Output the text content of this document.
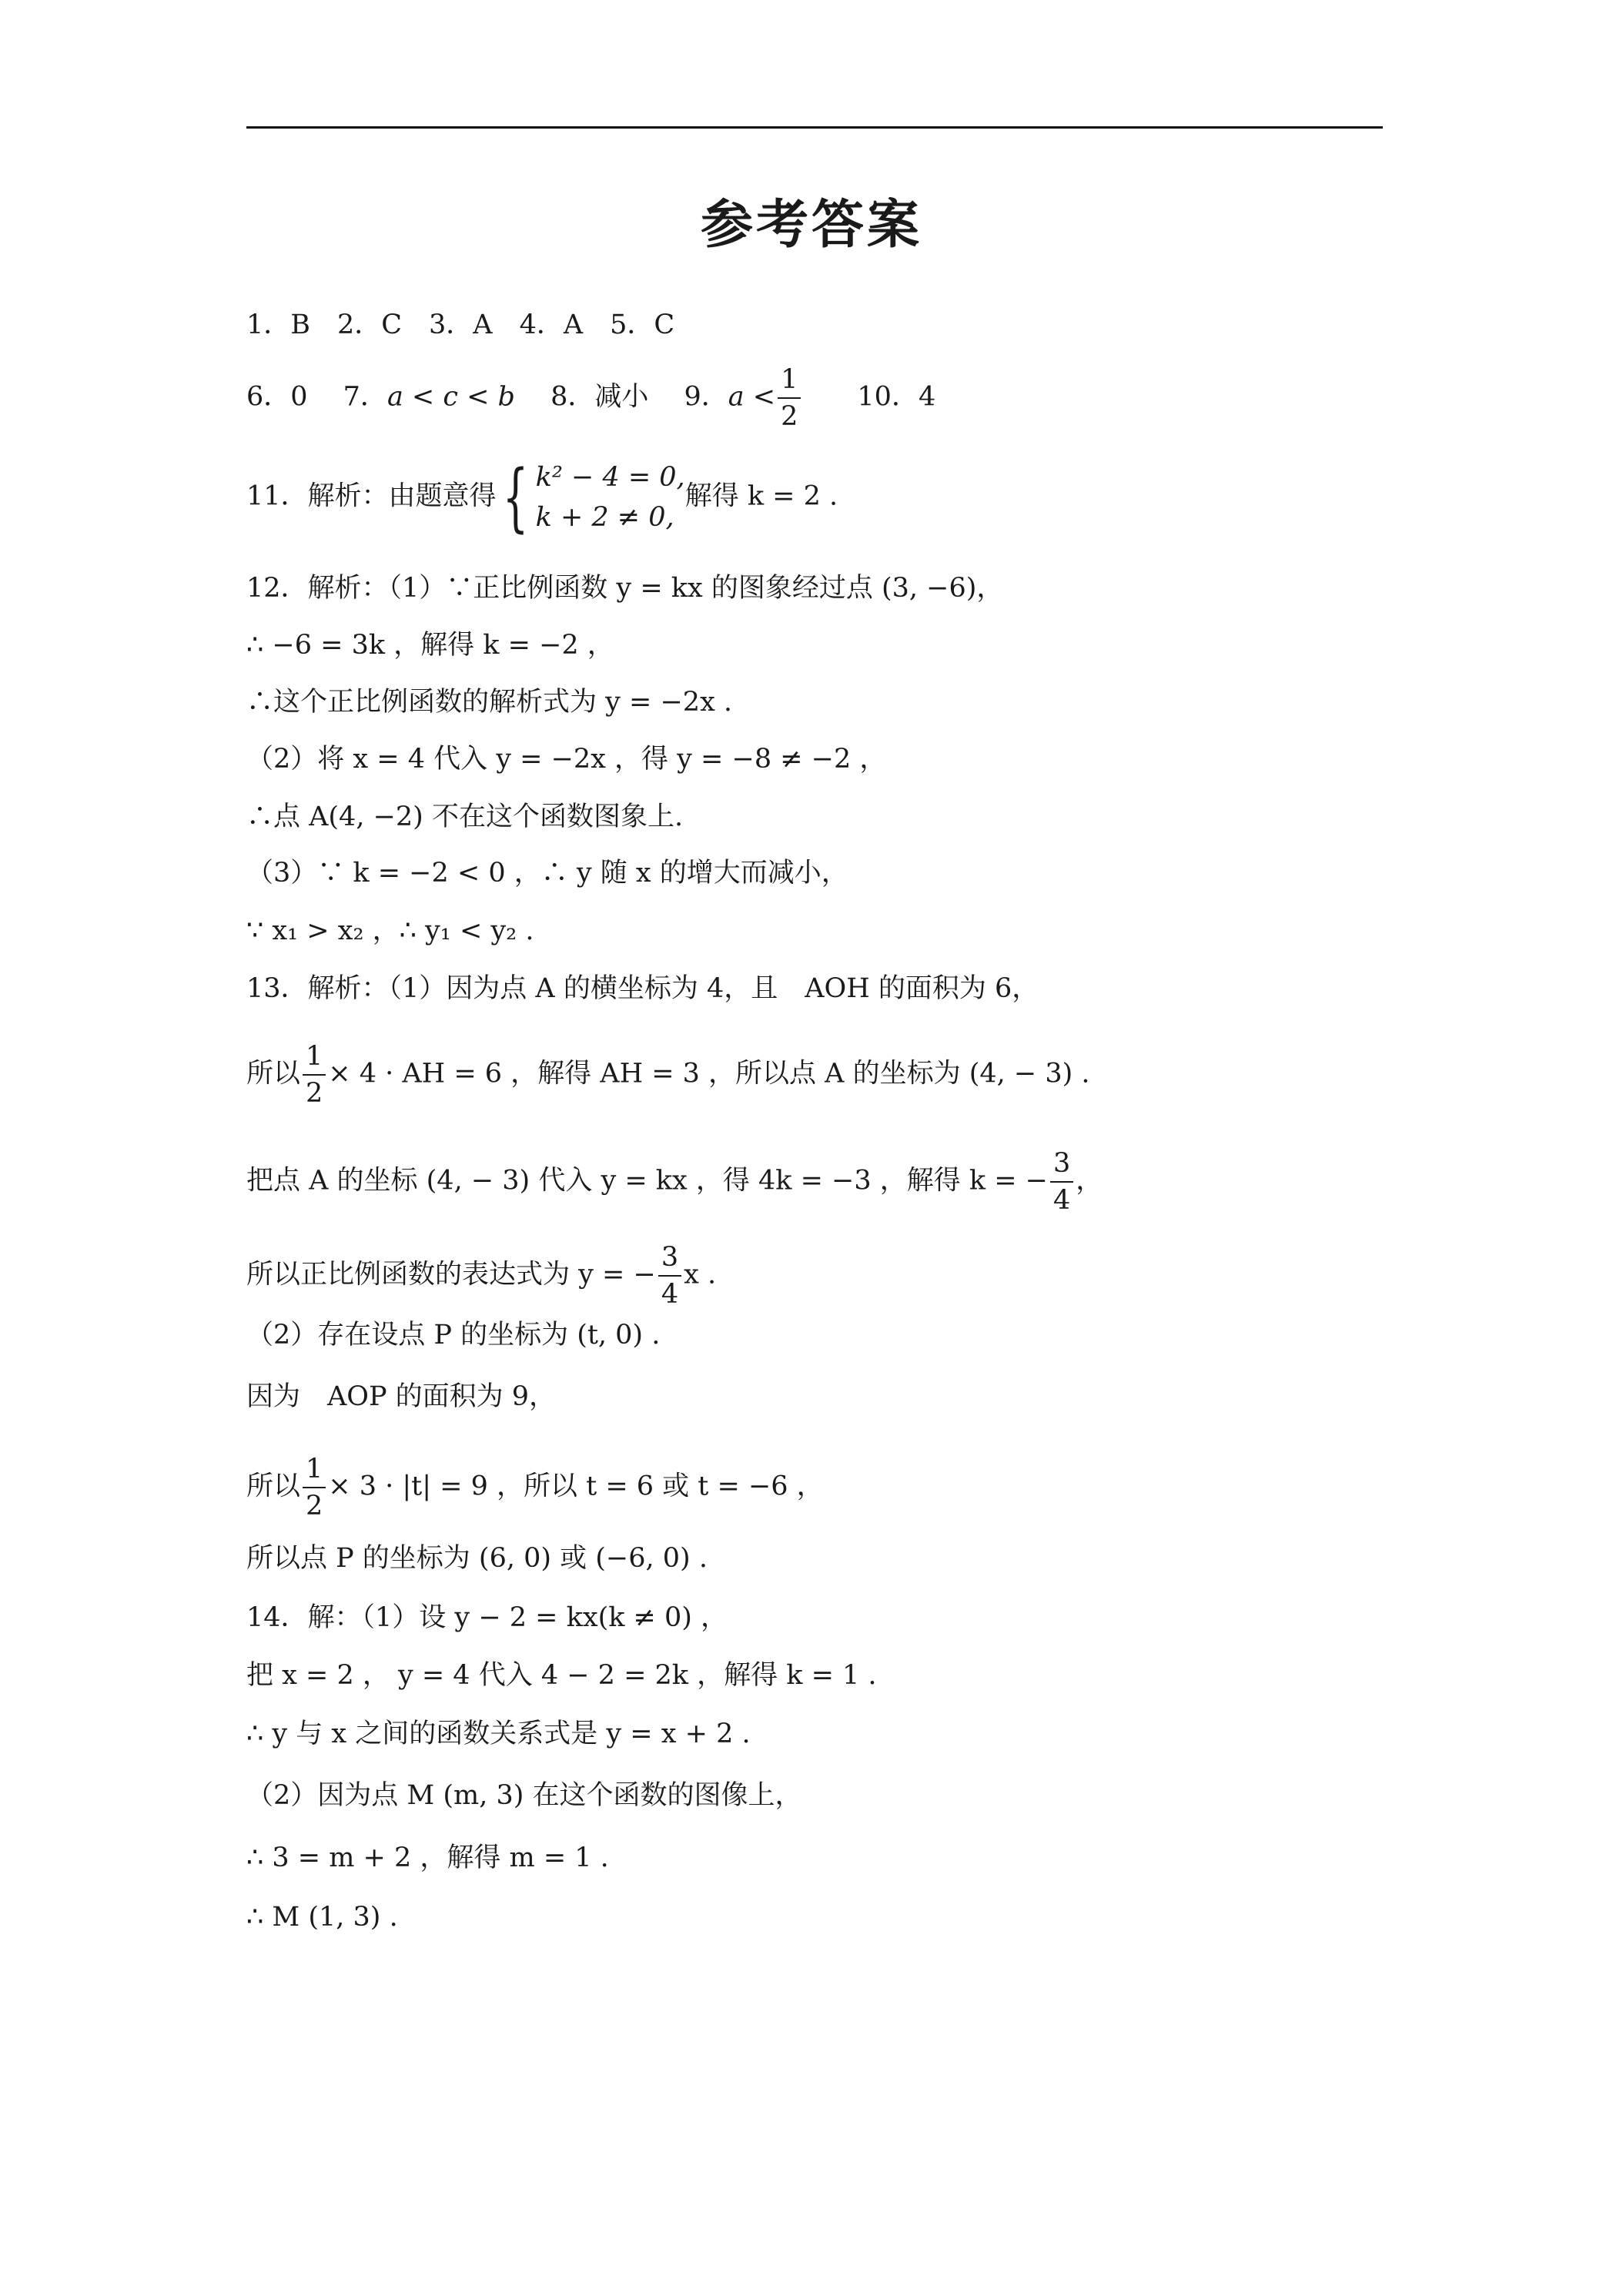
参考答案
1．B　2．C　3．A　4．A　5．C
6．0　 7．a < c < b　 8．减小　 9．$a < \frac{1}{2}$
　　 10．4
11．解析：由题意得{ k² − 4 = 0,
k + 2 ≠ 0,
解得 k = 2 .
12．解析：（1）∵正比例函数 y = kx 的图象经过点 (3, −6)，
∴ −6 = 3k ，解得 k = −2 ，
∴这个正比例函数的解析式为 y = −2x .
（2）将 x = 4 代入 y = −2x ，得 y = −8 ≠ −2 ，
∴点 A(4, −2) 不在这个函数图象上.
（3）∵ k = −2 < 0 ，∴ y 随 x 的增大而减小，
∵ x₁ > x₂ ，∴ y₁ < y₂ .
13．解析：（1）因为点 A 的横坐标为 4，且　AOH 的面积为 6，
所以 $\frac{1}{2} \times 4$ · AH = 6 ，解得 AH = 3 ，所以点 A 的坐标为 (4, − 3) .
把点 A 的坐标 (4, − 3) 代入 y = kx ，得 4k = −3 ，解得 k = − $\frac{3}{4}$ ，
所以正比例函数的表达式为 y = − $\frac{3}{4}$ x .
（2）存在设点 P 的坐标为 (t, 0) .
因为　AOP 的面积为 9，
所以 $\frac{1}{2} \times 3 \cdot |t| = 9$ ，所以 t = 6 或 t = −6 ，
所以点 P 的坐标为 (6, 0) 或 (−6, 0) .
14．解：（1）设 y − 2 = kx(k ≠ 0) ，
把 x = 2 ， y = 4 代入 4 − 2 = 2k ，解得 k = 1 .
∴ y 与 x 之间的函数关系式是 y = x + 2 .
（2）因为点 M (m, 3) 在这个函数的图像上，
∴ 3 = m + 2 ，解得 m = 1 .
∴ M (1, 3) .
